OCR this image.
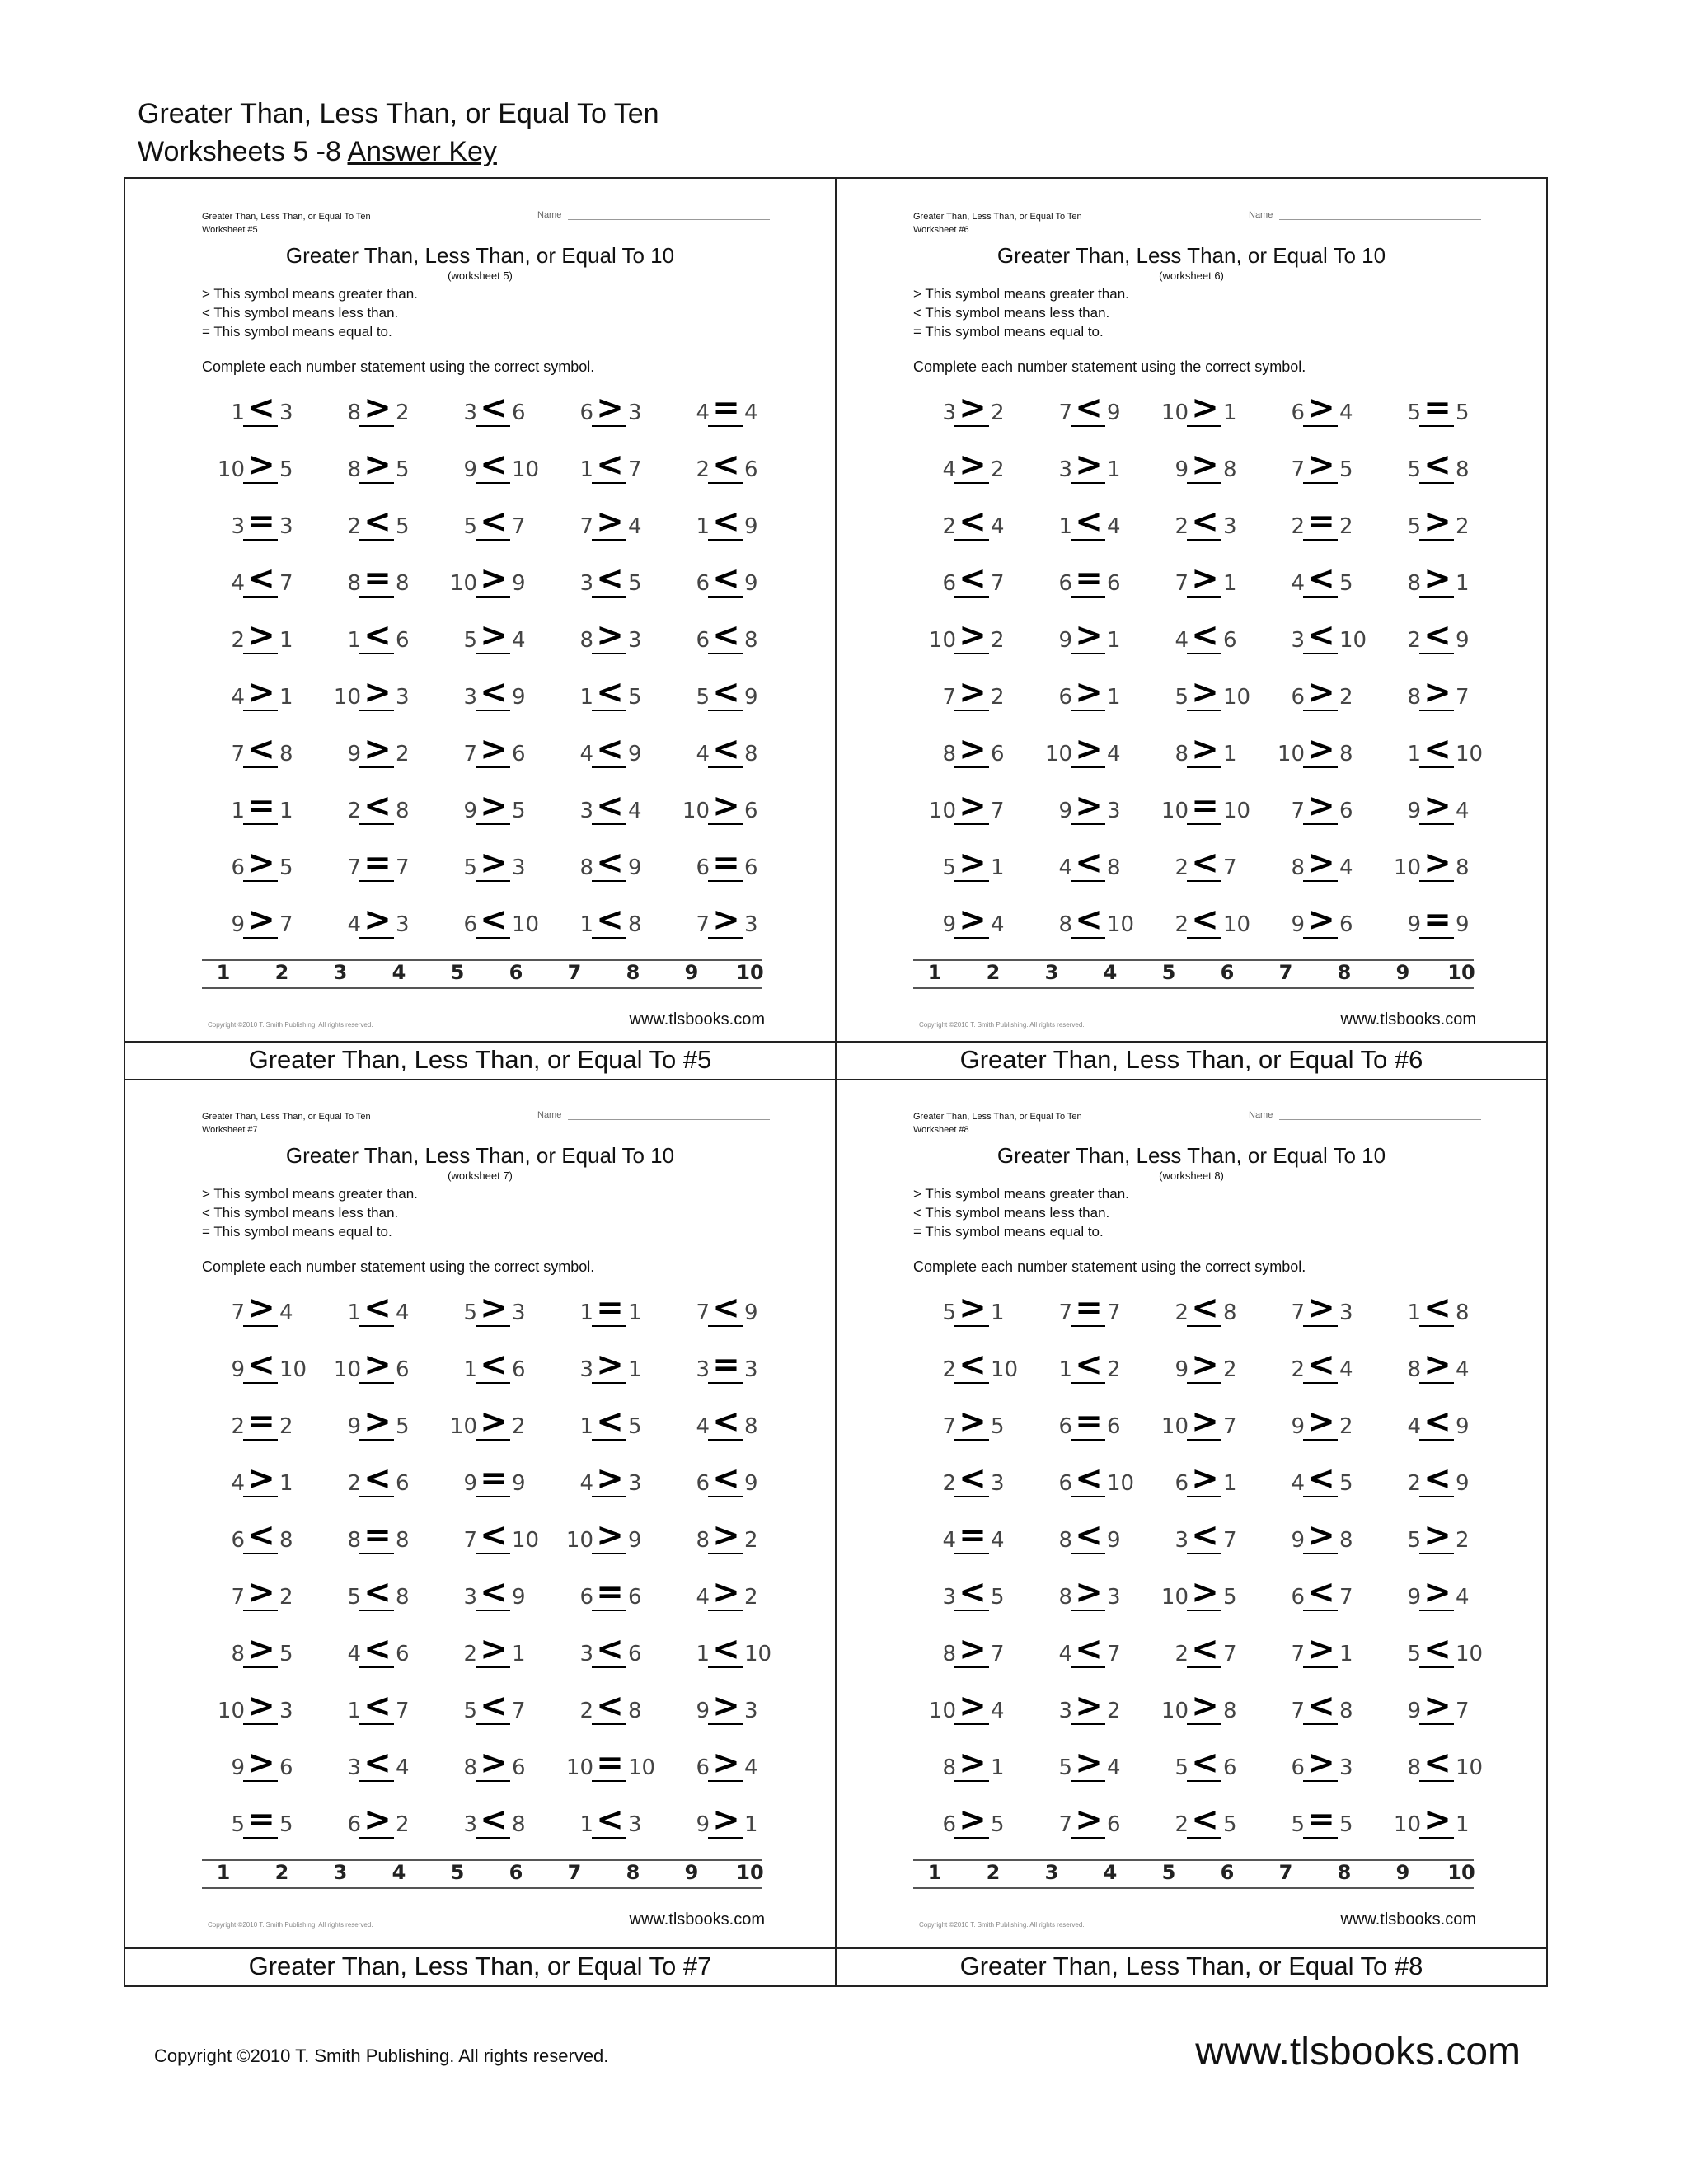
Greater Than, Less Than, or Equal To Ten
Worksheets 5 -8 Answer Key
Greater Than, Less Than, or Equal To Ten
Worksheet #5
Name
Greater Than, Less Than, or Equal To 10
(worksheet 5)
> This symbol means greater than.
< This symbol means less than.
= This symbol means equal to.
Complete each number statement using the correct symbol.
1 < 3	8 > 2	3 < 6	6 > 3	4 = 4
10 > 5	8 > 5	9 < 10	1 < 7	2 < 6
3 = 3	2 < 5	5 < 7	7 > 4	1 < 9
4 < 7	8 = 8	10 > 9	3 < 5	6 < 9
2 > 1	1 < 6	5 > 4	8 > 3	6 < 8
4 > 1	10 > 3	3 < 9	1 < 5	5 < 9
7 < 8	9 > 2	7 > 6	4 < 9	4 < 8
1 = 1	2 < 8	9 > 5	3 < 4	10 > 6
6 > 5	7 = 7	5 > 3	8 < 9	6 = 6
9 > 7	4 > 3	6 < 10	1 < 8	7 > 3
1	2	3	4	5	6	7	8	9	10
Copyright ©2010 T. Smith Publishing. All rights reserved.	www.tlsbooks.com
Greater Than, Less Than, or Equal To #5
Greater Than, Less Than, or Equal To Ten
Worksheet #6
Name
Greater Than, Less Than, or Equal To 10
(worksheet 6)
> This symbol means greater than.
< This symbol means less than.
= This symbol means equal to.
Complete each number statement using the correct symbol.
3 > 2	7 < 9	10 > 1	6 > 4	5 = 5
4 > 2	3 > 1	9 > 8	7 > 5	5 < 8
2 < 4	1 < 4	2 < 3	2 = 2	5 > 2
6 < 7	6 = 6	7 > 1	4 < 5	8 > 1
10 > 2	9 > 1	4 < 6	3 < 10	2 < 9
7 > 2	6 > 1	5 > 10	6 > 2	8 > 7
8 > 6	10 > 4	8 > 1	10 > 8	1 < 10
10 > 7	9 > 3	10 = 10	7 > 6	9 > 4
5 > 1	4 < 8	2 < 7	8 > 4	10 > 8
9 > 4	8 < 10	2 < 10	9 > 6	9 = 9
1	2	3	4	5	6	7	8	9	10
Copyright ©2010 T. Smith Publishing. All rights reserved.	www.tlsbooks.com
Greater Than, Less Than, or Equal To #6
Greater Than, Less Than, or Equal To Ten
Worksheet #7
Name
Greater Than, Less Than, or Equal To 10
(worksheet 7)
> This symbol means greater than.
< This symbol means less than.
= This symbol means equal to.
Complete each number statement using the correct symbol.
7 > 4	1 < 4	5 > 3	1 = 1	7 < 9
9 < 10	10 > 6	1 < 6	3 > 1	3 = 3
2 = 2	9 > 5	10 > 2	1 < 5	4 < 8
4 > 1	2 < 6	9 = 9	4 > 3	6 < 9
6 < 8	8 = 8	7 < 10	10 > 9	8 > 2
7 > 2	5 < 8	3 < 9	6 = 6	4 > 2
8 > 5	4 < 6	2 > 1	3 < 6	1 < 10
10 > 3	1 < 7	5 < 7	2 < 8	9 > 3
9 > 6	3 < 4	8 > 6	10 = 10	6 > 4
5 = 5	6 > 2	3 < 8	1 < 3	9 > 1
1	2	3	4	5	6	7	8	9	10
Copyright ©2010 T. Smith Publishing. All rights reserved.	www.tlsbooks.com
Greater Than, Less Than, or Equal To #7
Greater Than, Less Than, or Equal To Ten
Worksheet #8
Name
Greater Than, Less Than, or Equal To 10
(worksheet 8)
> This symbol means greater than.
< This symbol means less than.
= This symbol means equal to.
Complete each number statement using the correct symbol.
5 > 1	7 = 7	2 < 8	7 > 3	1 < 8
2 < 10	1 < 2	9 > 2	2 < 4	8 > 4
7 > 5	6 = 6	10 > 7	9 > 2	4 < 9
2 < 3	6 < 10	6 > 1	4 < 5	2 < 9
4 = 4	8 < 9	3 < 7	9 > 8	5 > 2
3 < 5	8 > 3	10 > 5	6 < 7	9 > 4
8 > 7	4 < 7	2 < 7	7 > 1	5 < 10
10 > 4	3 > 2	10 > 8	7 < 8	9 > 7
8 > 1	5 > 4	5 < 6	6 > 3	8 < 10
6 > 5	7 > 6	2 < 5	5 = 5	10 > 1
1	2	3	4	5	6	7	8	9	10
Copyright ©2010 T. Smith Publishing. All rights reserved.	www.tlsbooks.com
Greater Than, Less Than, or Equal To #8
Copyright ©2010 T. Smith Publishing. All rights reserved.	www.tlsbooks.com
